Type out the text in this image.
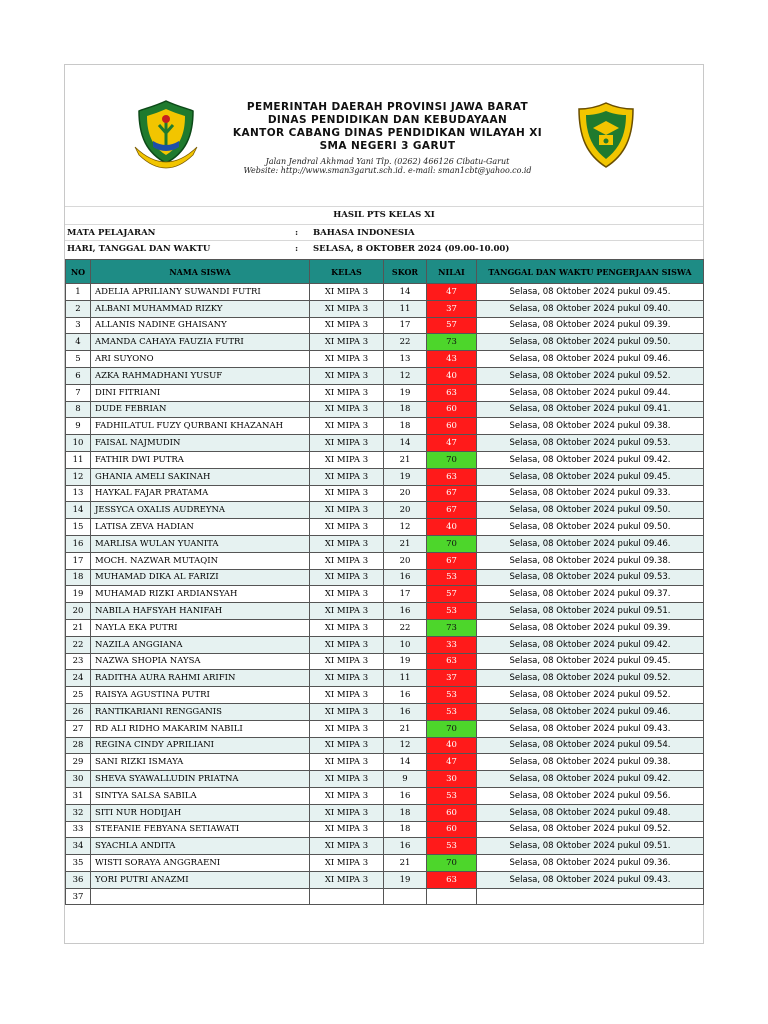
PEMERINTAH DAERAH PROVINSI JAWA BARAT
DINAS PENDIDIKAN DAN KEBUDAYAAN
KANTOR CABANG DINAS PENDIDIKAN WILAYAH XI
SMA NEGERI 3 GARUT
Jalan Jendral Akhmad Yani Tlp. (0262) 466126 Cibatu-Garut
Website: http://www.sman3garut.sch.id. e-mail: sman1cbt@yahoo.co.id
HASIL PTS KELAS XI
MATA PELAJARAN	: BAHASA INDONESIA
HARI, TANGGAL DAN WAKTU	: SELASA, 8 OKTOBER 2024 (09.00-10.00)
NO	NAMA SISWA	KELAS	SKOR	NILAI	TANGGAL DAN WAKTU PENGERJAAN SISWA
1	ADELIA APRILIANY SUWANDI FUTRI	XI MIPA 3	14	47	Selasa, 08 Oktober 2024 pukul 09.45.
2	ALBANI MUHAMMAD RIZKY	XI MIPA 3	11	37	Selasa, 08 Oktober 2024 pukul 09.40.
3	ALLANIS NADINE GHAISANY	XI MIPA 3	17	57	Selasa, 08 Oktober 2024 pukul 09.39.
4	AMANDA CAHAYA FAUZIA FUTRI	XI MIPA 3	22	73	Selasa, 08 Oktober 2024 pukul 09.50.
5	ARI SUYONO	XI MIPA 3	13	43	Selasa, 08 Oktober 2024 pukul 09.46.
6	AZKA RAHMADHANI YUSUF	XI MIPA 3	12	40	Selasa, 08 Oktober 2024 pukul 09.52.
7	DINI FITRIANI	XI MIPA 3	19	63	Selasa, 08 Oktober 2024 pukul 09.44.
8	DUDE FEBRIAN	XI MIPA 3	18	60	Selasa, 08 Oktober 2024 pukul 09.41.
9	FADHILATUL FUZY QURBANI KHAZANAH	XI MIPA 3	18	60	Selasa, 08 Oktober 2024 pukul 09.38.
10	FAISAL NAJMUDIN	XI MIPA 3	14	47	Selasa, 08 Oktober 2024 pukul 09.53.
11	FATHIR DWI PUTRA	XI MIPA 3	21	70	Selasa, 08 Oktober 2024 pukul 09.42.
12	GHANIA AMELI SAKINAH	XI MIPA 3	19	63	Selasa, 08 Oktober 2024 pukul 09.45.
13	HAYKAL FAJAR PRATAMA	XI MIPA 3	20	67	Selasa, 08 Oktober 2024 pukul 09.33.
14	JESSYCA OXALIS AUDREYNA	XI MIPA 3	20	67	Selasa, 08 Oktober 2024 pukul 09.50.
15	LATISA ZEVA HADIAN	XI MIPA 3	12	40	Selasa, 08 Oktober 2024 pukul 09.50.
16	MARLISA WULAN YUANITA	XI MIPA 3	21	70	Selasa, 08 Oktober 2024 pukul 09.46.
17	MOCH. NAZWAR MUTAQIN	XI MIPA 3	20	67	Selasa, 08 Oktober 2024 pukul 09.38.
18	MUHAMAD DIKA AL FARIZI	XI MIPA 3	16	53	Selasa, 08 Oktober 2024 pukul 09.53.
19	MUHAMAD RIZKI ARDIANSYAH	XI MIPA 3	17	57	Selasa, 08 Oktober 2024 pukul 09.37.
20	NABILA HAFSYAH HANIFAH	XI MIPA 3	16	53	Selasa, 08 Oktober 2024 pukul 09.51.
21	NAYLA EKA PUTRI	XI MIPA 3	22	73	Selasa, 08 Oktober 2024 pukul 09.39.
22	NAZILA ANGGIANA	XI MIPA 3	10	33	Selasa, 08 Oktober 2024 pukul 09.42.
23	NAZWA SHOPIA NAYSA	XI MIPA 3	19	63	Selasa, 08 Oktober 2024 pukul 09.45.
24	RADITHA AURA RAHMI ARIFIN	XI MIPA 3	11	37	Selasa, 08 Oktober 2024 pukul 09.52.
25	RAISYA AGUSTINA PUTRI	XI MIPA 3	16	53	Selasa, 08 Oktober 2024 pukul 09.52.
26	RANTIKARIANI RENGGANIS	XI MIPA 3	16	53	Selasa, 08 Oktober 2024 pukul 09.46.
27	RD ALI RIDHO MAKARIM NABILI	XI MIPA 3	21	70	Selasa, 08 Oktober 2024 pukul 09.43.
28	REGINA CINDY APRILIANI	XI MIPA 3	12	40	Selasa, 08 Oktober 2024 pukul 09.54.
29	SANI RIZKI ISMAYA	XI MIPA 3	14	47	Selasa, 08 Oktober 2024 pukul 09.38.
30	SHEVA SYAWALLUDIN PRIATNA	XI MIPA 3	9	30	Selasa, 08 Oktober 2024 pukul 09.42.
31	SINTYA SALSA SABILA	XI MIPA 3	16	53	Selasa, 08 Oktober 2024 pukul 09.56.
32	SITI NUR HODIJAH	XI MIPA 3	18	60	Selasa, 08 Oktober 2024 pukul 09.48.
33	STEFANIE FEBYANA SETIAWATI	XI MIPA 3	18	60	Selasa, 08 Oktober 2024 pukul 09.52.
34	SYACHLA ANDITA	XI MIPA 3	16	53	Selasa, 08 Oktober 2024 pukul 09.51.
35	WISTI SORAYA ANGGRAENI	XI MIPA 3	21	70	Selasa, 08 Oktober 2024 pukul 09.36.
36	YORI PUTRI ANAZMI	XI MIPA 3	19	63	Selasa, 08 Oktober 2024 pukul 09.43.
37					
